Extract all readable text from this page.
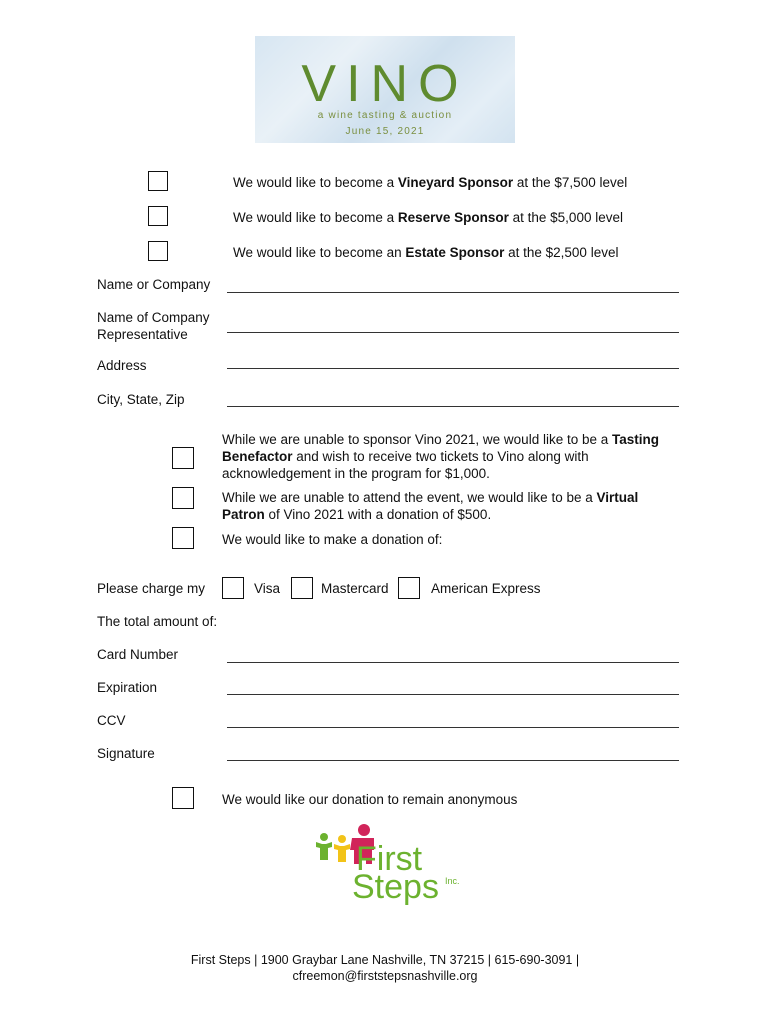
VINO
a wine tasting & auction
June 15, 2021
We would like to become a Vineyard Sponsor at the $7,500 level
We would like to become a Reserve Sponsor at the $5,000 level
We would like to become an Estate Sponsor at the $2,500 level
Name or Company
Name of Company
Representative
Address
City, State, Zip
While we are unable to sponsor Vino 2021, we would like to be a Tasting Benefactor and wish to receive two tickets to Vino along with acknowledgement in the program for $1,000.
While we are unable to attend the event, we would like to be a Virtual
Patron of Vino 2021 with a donation of $500.
We would like to make a donation of:
Please charge my	Visa	Mastercard	American Express
The total amount of:
Card Number
Expiration
CCV
Signature
We would like our donation to remain anonymous
First
Steps Inc.
First Steps | 1900 Graybar Lane Nashville, TN 37215 | 615-690-3091 |
cfreemon@firststepsnashville.org
